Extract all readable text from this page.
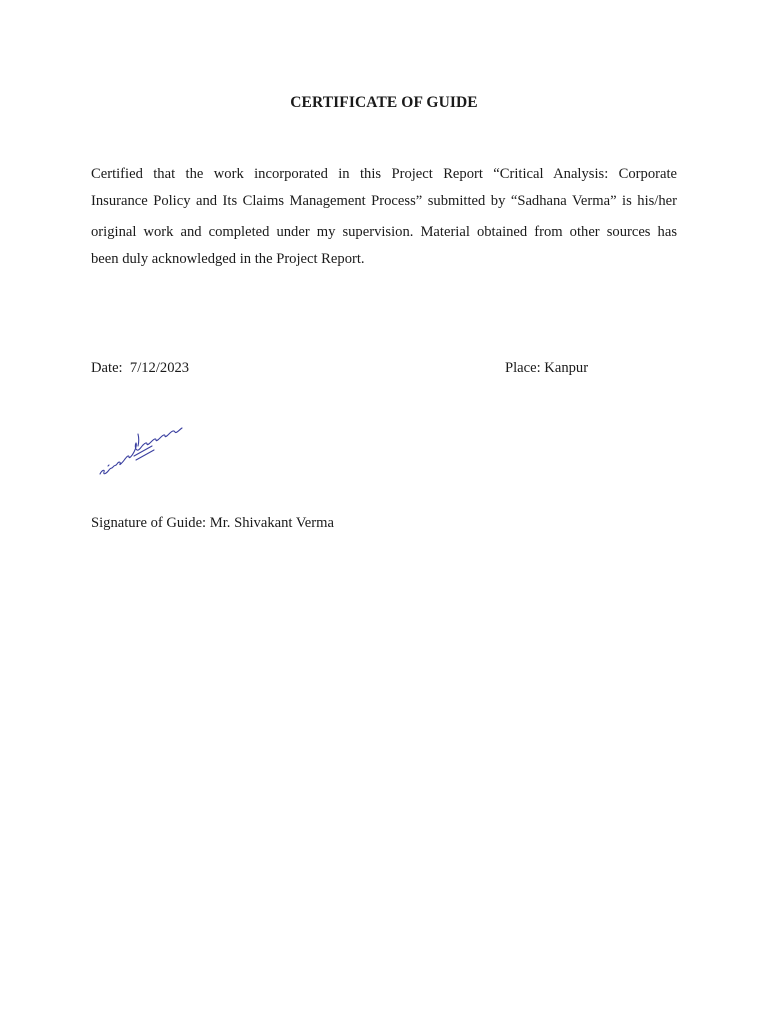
CERTIFICATE OF GUIDE
Certified that the work incorporated in this Project Report “Critical Analysis: Corporate
Insurance Policy and Its Claims Management Process” submitted by “Sadhana Verma” is his/her
original work and completed under my supervision. Material obtained from other sources has
been duly acknowledged in the Project Report.
Date:  7/12/2023	Place: Kanpur
Signature of Guide: Mr. Shivakant Verma
